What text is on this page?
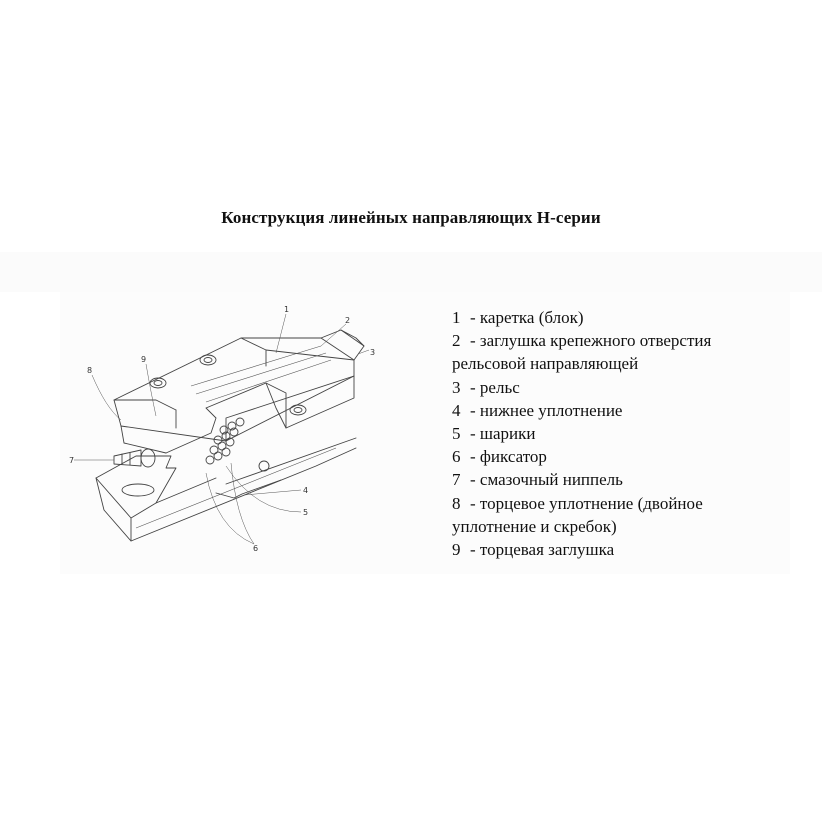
Конструкция линейных направляющих H-серии
1
2
3
4
5
6
7
8
9
1 - каретка (блок)
2 - заглушка крепежного отверстия
рельсовой направляющей
3 - рельс
4 - нижнее уплотнение
5 - шарики
6 - фиксатор
7 - смазочный ниппель
8 - торцевое уплотнение (двойное
уплотнение и скребок)
9 - торцевая заглушка
